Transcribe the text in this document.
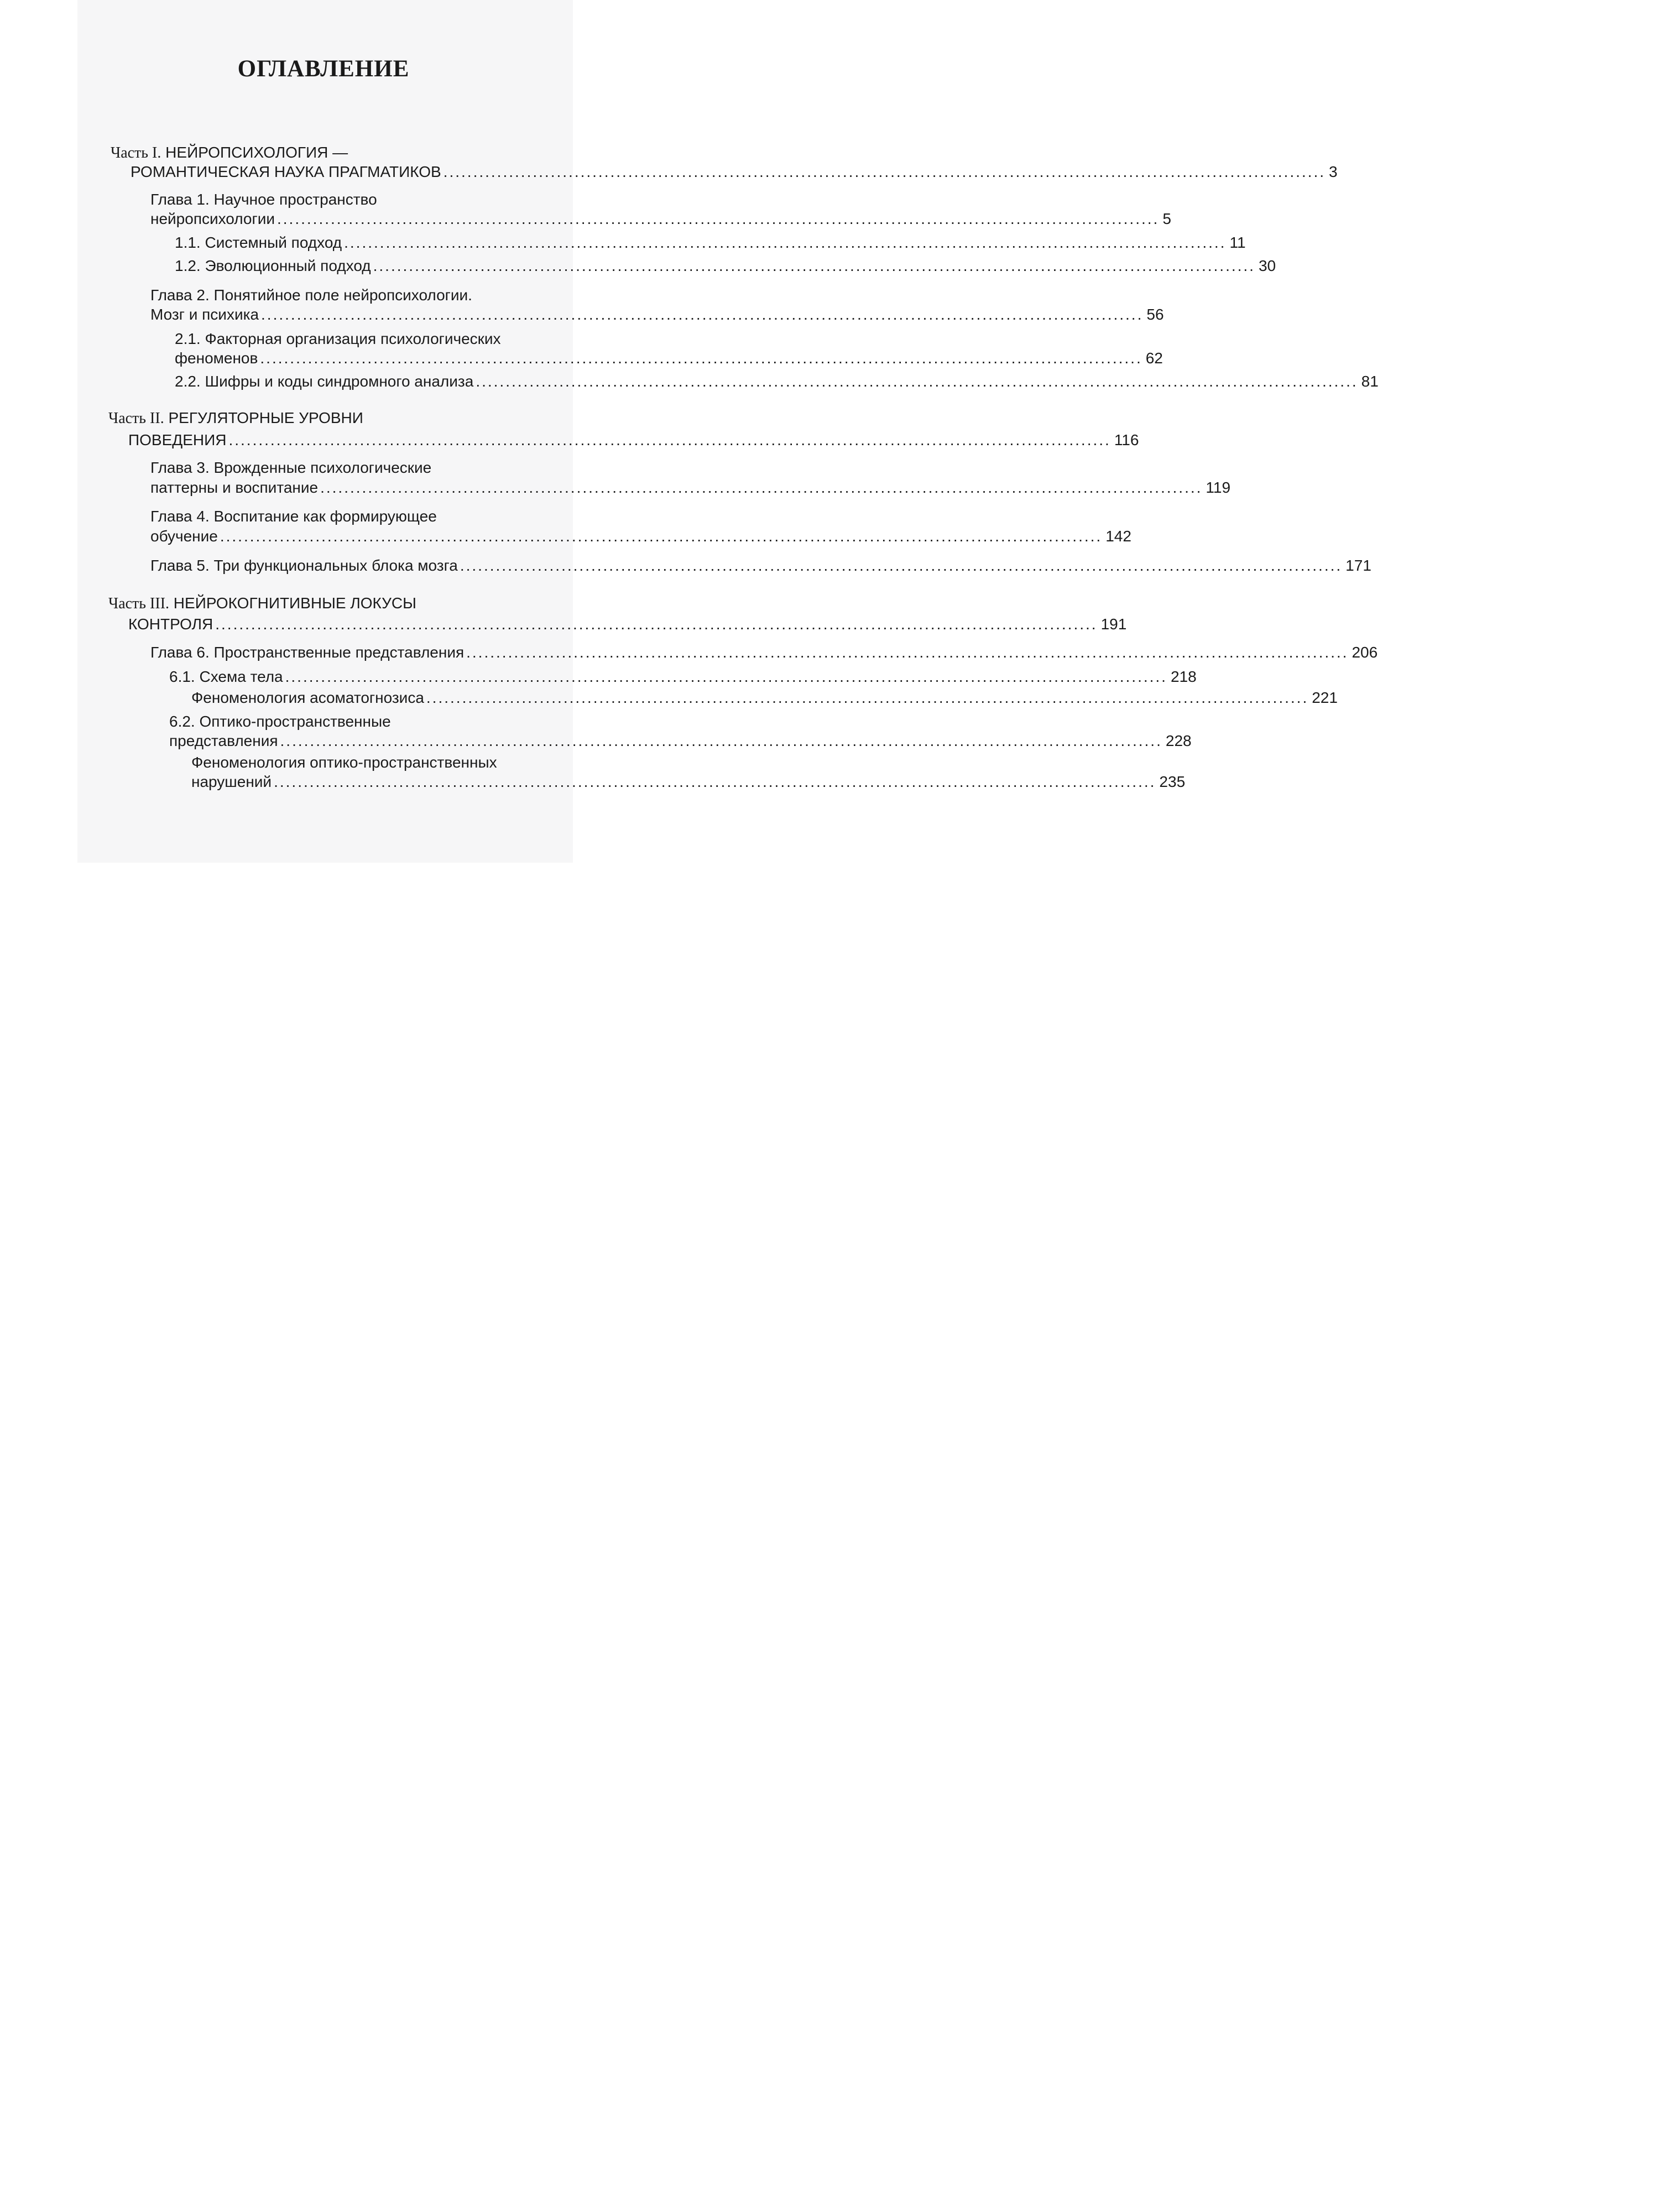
ОГЛАВЛЕНИЕ
Часть I. НЕЙРОПСИХОЛОГИЯ —
РОМАНТИЧЕСКАЯ НАУКА ПРАГМАТИКОВ .................................................................................................................................................... 3
Глава 1. Научное пространство
нейропсихологии .................................................................................................................................................... 5
1.1. Системный подход .................................................................................................................................................... 11
1.2. Эволюционный подход .................................................................................................................................................... 30
Глава 2. Понятийное поле нейропсихологии.
Мозг и психика .................................................................................................................................................... 56
2.1. Факторная организация психологических
феноменов .................................................................................................................................................... 62
2.2. Шифры и коды синдромного анализа .................................................................................................................................................... 81
Часть II. РЕГУЛЯТОРНЫЕ УРОВНИ
ПОВЕДЕНИЯ .................................................................................................................................................... 116
Глава 3. Врожденные психологические
паттерны и воспитание .................................................................................................................................................... 119
Глава 4. Воспитание как формирующее
обучение .................................................................................................................................................... 142
Глава 5. Три функциональных блока мозга .................................................................................................................................................... 171
Часть III. НЕЙРОКОГНИТИВНЫЕ ЛОКУСЫ
КОНТРОЛЯ .................................................................................................................................................... 191
Глава 6. Пространственные представления .................................................................................................................................................... 206
6.1. Схема тела .................................................................................................................................................... 218
Феноменология асоматогнозиса .................................................................................................................................................... 221
6.2. Оптико-пространственные
представления .................................................................................................................................................... 228
Феноменология оптико-пространственных
нарушений .................................................................................................................................................... 235
